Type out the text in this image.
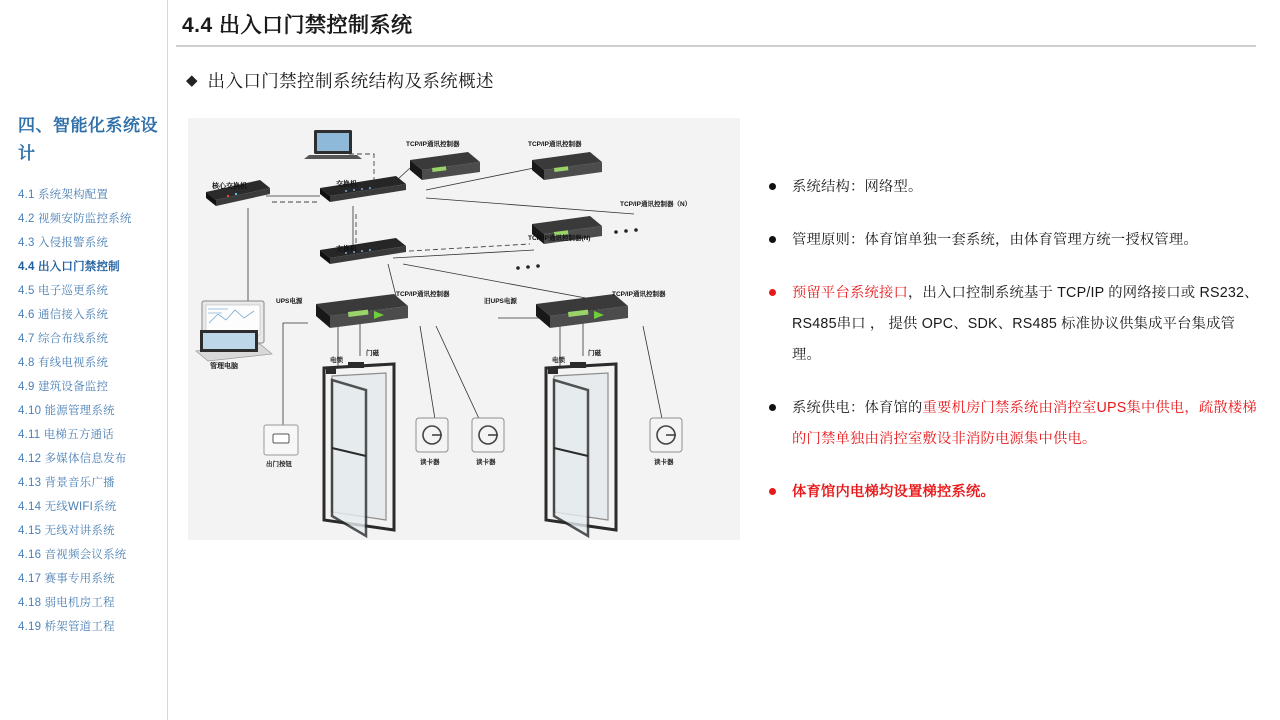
四、智能化系统设计
4.1 系统架构配置
4.2 视频安防监控系统
4.3 入侵报警系统
4.4 出入口门禁控制
4.5 电子巡更系统
4.6 通信接入系统
4.7 综合布线系统
4.8 有线电视系统
4.9 建筑设备监控
4.10 能源管理系统
4.11 电梯五方通话
4.12 多媒体信息发布
4.13 背景音乐广播
4.14 无线WIFI系统
4.15 无线对讲系统
4.16 音视频会议系统
4.17 赛事专用系统
4.18 弱电机房工程
4.19 桥架管道工程
4.4 出入口门禁控制系统
◆ 出入口门禁控制系统结构及系统概述
核心交换机	交换机
交换机
TCP/IP通讯控制器	TCP/IP通讯控制器
TCP/IP通讯控制器（N）
TCP/IP通讯控制器(N)
TCP/IP通讯控制器	TCP/IP通讯控制器
UPS电源	旧UPS电源
管理电脑
电锁
门磁
电锁
门磁
出门按钮	读卡器	读卡器	读卡器
系统结构：网络型。
管理原则：体育馆单独一套系统，由体育管理方统一授权管理。
预留平台系统接口，出入口控制系统基于 TCP/IP 的网络接口或 RS232、RS485串口 ， 提供 OPC、SDK、RS485 标准协议供集成平台集成管理。
系统供电：体育馆的重要机房门禁系统由消控室UPS集中供电，疏散楼梯的门禁单独由消控室敷设非消防电源集中供电。
体育馆内电梯均设置梯控系统。
